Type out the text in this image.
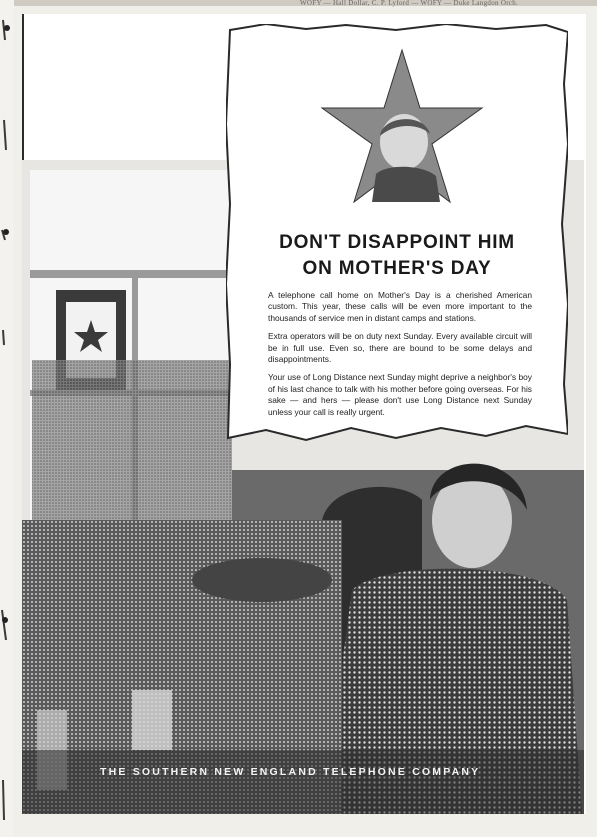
WOFY — Hall Dollar, C. P. Lyford — WOFY — Duke Langdon Orch.
DON'T DISAPPOINT HIM
ON MOTHER'S DAY

A telephone call home on Mother's Day is a cherished American custom. This year, these calls will be even more important to the thousands of service men in distant camps and stations.

Extra operators will be on duty next Sunday. Every available circuit will be in full use. Even so, there are bound to be some delays and disappointments.

Your use of Long Distance next Sunday might deprive a neighbor's boy of his last chance to talk with his mother before going overseas. For his sake — and hers — please don't use Long Distance next Sunday unless your call is really urgent.

THE SOUTHERN NEW ENGLAND TELEPHONE COMPANY
